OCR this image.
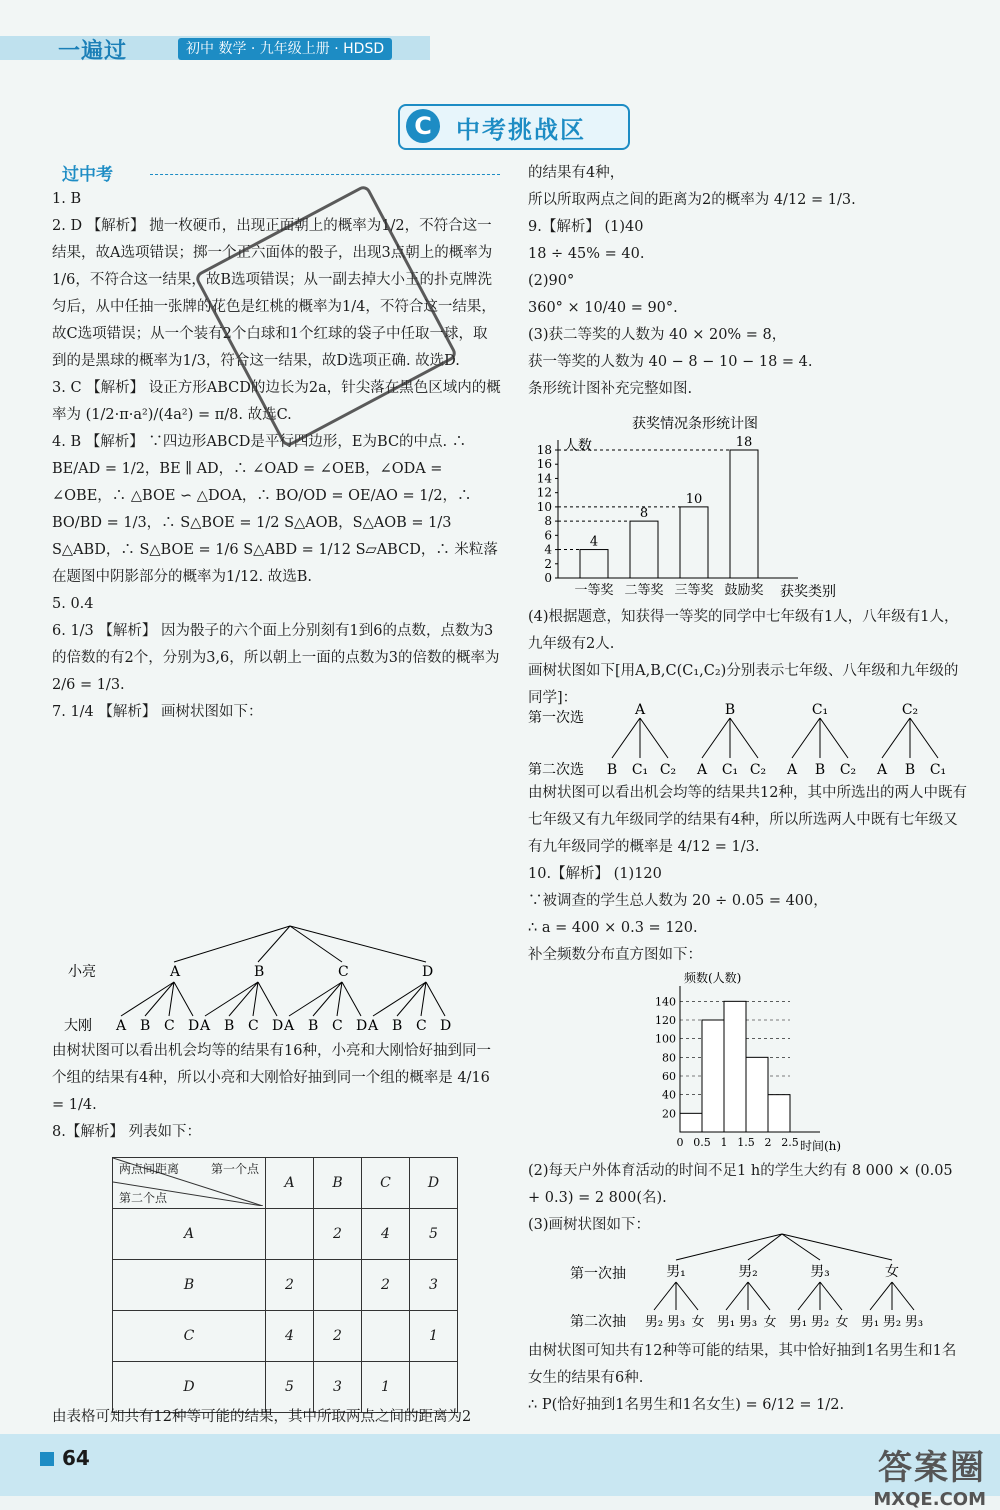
一遍过	初中 数学 · 九年级上册 · HDSD
C	中考挑战区
过中考

1. B

2. D 【解析】 抛一枚硬币，出现正面朝上的概率为1/2，不符合这一结果，故A选项错误；掷一个正六面体的骰子，出现3点朝上的概率为1/6，不符合这一结果，故B选项错误；从一副去掉大小王的扑克牌洗匀后，从中任抽一张牌的花色是红桃的概率为1/4，不符合这一结果，故C选项错误；从一个装有2个白球和1个红球的袋子中任取一球，取到的是黑球的概率为1/3，符合这一结果，故D选项正确. 故选D.

3. C 【解析】 设正方形ABCD的边长为2a，针尖落在黑色区域内的概率为 (1/2·π·a²)/(4a²) = π/8. 故选C.

4. B 【解析】 ∵四边形ABCD是平行四边形，E为BC的中点. ∴ BE/AD = 1/2，BE ∥ AD，∴ ∠OAD = ∠OEB，∠ODA = ∠OBE，∴ △BOE ∽ △DOA，∴ BO/OD = OE/AO = 1/2，∴ BO/BD = 1/3，∴ S△BOE = 1/2 S△AOB，S△AOB = 1/3 S△ABD，∴ S△BOE = 1/6 S△ABD = 1/12 S▱ABCD，∴ 米粒落在题图中阴影部分的概率为1/12. 故选B.

5. 0.4

6. 1/3 【解析】 因为骰子的六个面上分别刻有1到6的点数，点数为3的倍数的有2个，分别为3,6，所以朝上一面的点数为3的倍数的概率为 2/6 = 1/3.

7. 1/4 【解析】 画树状图如下：

小亮
大刚
A
A B C D
B
A B C D
C
A B C D
D
A B C D

由树状图可以看出机会均等的结果有16种，小亮和大刚恰好抽到同一个组的结果有4种，所以小亮和大刚恰好抽到同一个组的概率是 4/16 = 1/4.

8.【解析】 列表如下：

两点间距离 第一个点
第二个点	A	B	C	D
A		2	4	5
B	2		2	3
C	4	2		1
D	5	3	1	

由表格可知共有12种等可能的结果，其中所取两点之间的距离为2

的结果有4种，

所以所取两点之间的距离为2的概率为 4/12 = 1/3.

9.【解析】 (1)40

18 ÷ 45% = 40.

(2)90°

360° × 10/40 = 90°.

(3)获二等奖的人数为 40 × 20% = 8，

获一等奖的人数为 40 − 8 − 10 − 18 = 4.

条形统计图补充完整如图.

获奖情况条形统计图
人数
获奖类别
0
2
4
6
8
10
12
14
16
18
4
一等奖
8
二等奖
10
三等奖
18
鼓励奖

(4)根据题意，知获得一等奖的同学中七年级有1人，八年级有1人，九年级有2人.

画树状图如下[用A,B,C(C₁,C₂)分别表示七年级、八年级和九年级的同学]：

第一次选
第二次选
A
B C₁ C₂
B
A C₁ C₂
C₁
A B C₂
C₂
A B C₁

由树状图可以看出机会均等的结果共12种，其中所选出的两人中既有七年级又有九年级同学的结果有4种，所以所选两人中既有七年级又有九年级同学的概率是 4/12 = 1/3.

10.【解析】 (1)120

∵被调查的学生总人数为 20 ÷ 0.05 = 400，

∴ a = 400 × 0.3 = 120.

补全频数分布直方图如下：

频数(人数)
时间(h)
20
40
60
80
100
120
140
0 0.5 1 1.5 2 2.5

(2)每天户外体育活动的时间不足1 h的学生大约有 8 000 × (0.05 + 0.3) = 2 800(名).

(3)画树状图如下：

第一次抽
第二次抽
男₁
男₂ 男₃ 女
男₂
男₁ 男₃ 女
男₃
男₁ 男₂ 女
女
男₁ 男₂ 男₃

由树状图可知共有12种等可能的结果，其中恰好抽到1名男生和1名女生的结果有6种.

∴ P(恰好抽到1名男生和1名女生) = 6/12 = 1/2.

64	答案圈
MXQE.COM
